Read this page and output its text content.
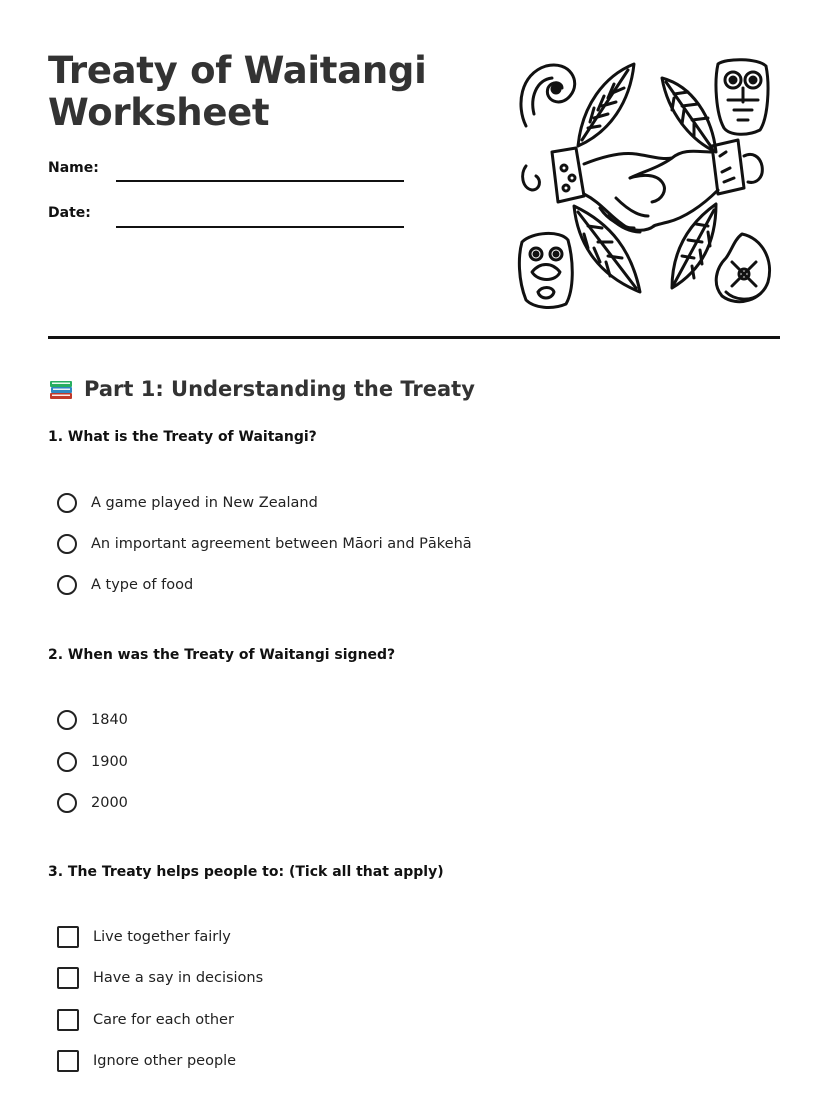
Treaty of Waitangi
Worksheet
Name:
Date:
Part 1: Understanding the Treaty
1. What is the Treaty of Waitangi?
A game played in New Zealand
An important agreement between Māori and Pākehā
A type of food
2. When was the Treaty of Waitangi signed?
1840
1900
2000
3. The Treaty helps people to: (Tick all that apply)
Live together fairly
Have a say in decisions
Care for each other
Ignore other people
